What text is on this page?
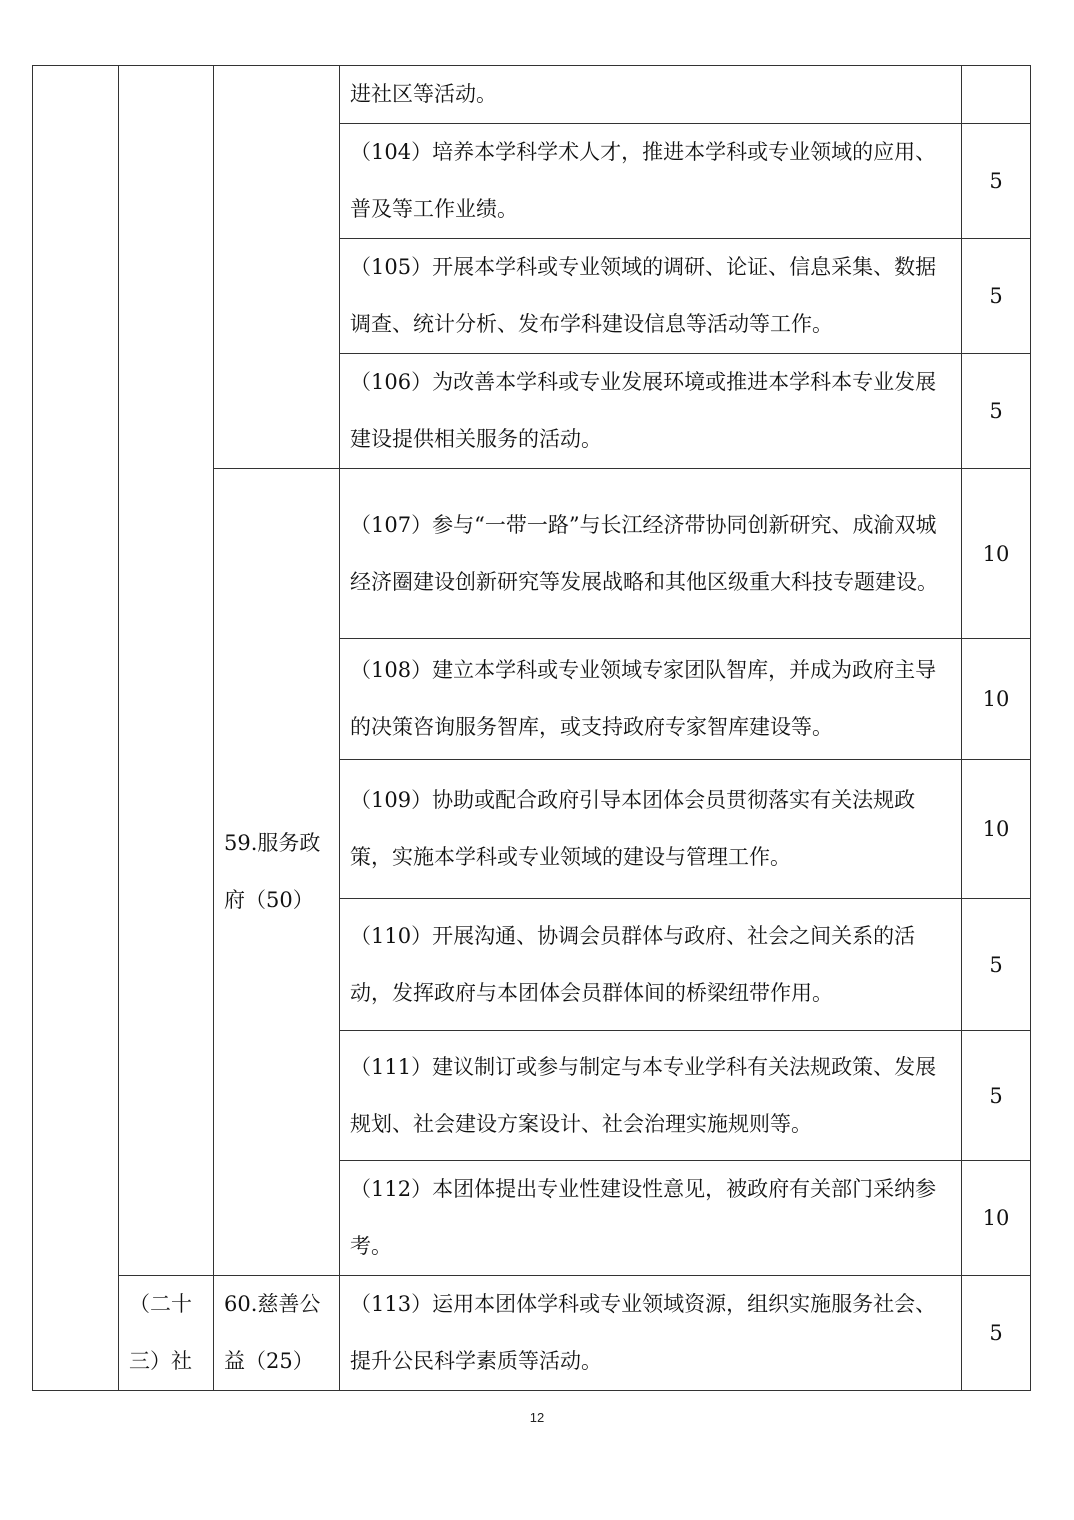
			进社区等活动。	
			（104）培养本学科学术人才，推进本学科或专业领域的应用、普及等工作业绩。	5
			（105）开展本学科或专业领域的调研、论证、信息采集、数据调查、统计分析、发布学科建设信息等活动等工作。	5
			（106）为改善本学科或专业发展环境或推进本学科本专业发展建设提供相关服务的活动。	5
		59.服务政府（50）	（107）参与“一带一路”与长江经济带协同创新研究、成渝双城经济圈建设创新研究等发展战略和其他区级重大科技专题建设。	10
			（108）建立本学科或专业领域专家团队智库，并成为政府主导的决策咨询服务智库，或支持政府专家智库建设等。	10
			（109）协助或配合政府引导本团体会员贯彻落实有关法规政策，实施本学科或专业领域的建设与管理工作。	10
			（110）开展沟通、协调会员群体与政府、社会之间关系的活动，发挥政府与本团体会员群体间的桥梁纽带作用。	5
			（111）建议制订或参与制定与本专业学科有关法规政策、发展规划、社会建设方案设计、社会治理实施规则等。	5
			（112）本团体提出专业性建设性意见，被政府有关部门采纳参考。	10
	（二十三）社	60.慈善公益（25）	（113）运用本团体学科或专业领域资源，组织实施服务社会、提升公民科学素质等活动。	5
12
